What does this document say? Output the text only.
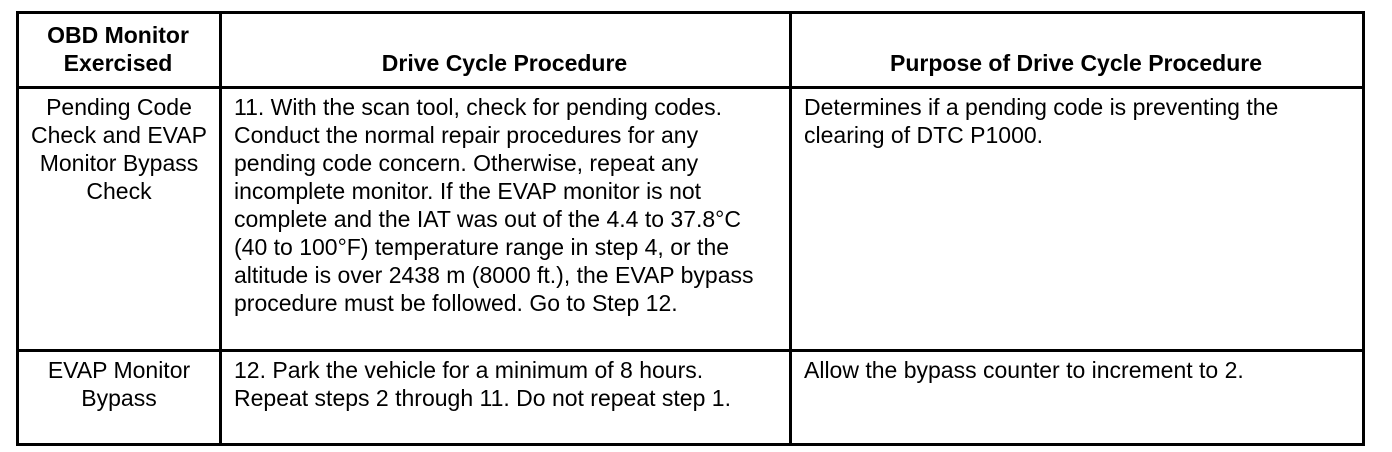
OBD Monitor Exercised	Drive Cycle Procedure	Purpose of Drive Cycle Procedure
Pending Code Check and EVAP Monitor Bypass Check	11. With the scan tool, check for pending codes. Conduct the normal repair procedures for any pending code concern. Otherwise, repeat any incomplete monitor. If the EVAP monitor is not complete and the IAT was out of the 4.4 to 37.8°C (40 to 100°F) temperature range in step 4, or the altitude is over 2438 m (8000 ft.), the EVAP bypass procedure must be followed. Go to Step 12.	Determines if a pending code is preventing the clearing of DTC P1000.
EVAP Monitor Bypass	12. Park the vehicle for a minimum of 8 hours. Repeat steps 2 through 11. Do not repeat step 1.	Allow the bypass counter to increment to 2.
